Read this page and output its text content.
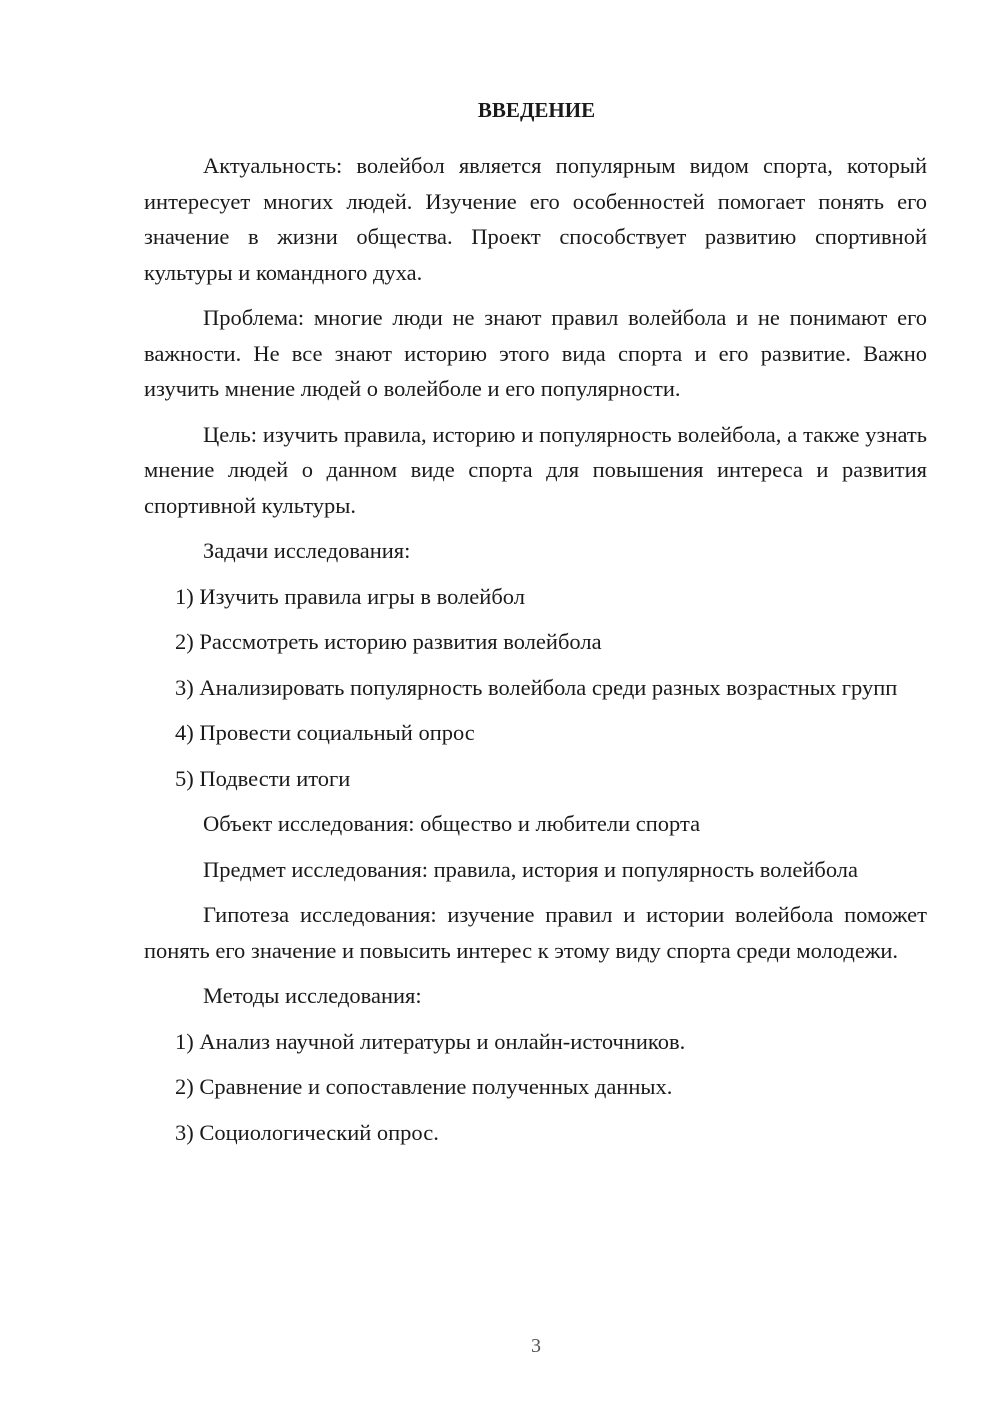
ВВЕДЕНИЕ

Актуальность: волейбол является популярным видом спорта, который интересует многих людей. Изучение его особенностей помогает понять его значение в жизни общества. Проект способствует развитию спортивной культуры и командного духа.

Проблема: многие люди не знают правил волейбола и не понимают его важности. Не все знают историю этого вида спорта и его развитие. Важно изучить мнение людей о волейболе и его популярности.

Цель: изучить правила, историю и популярность волейбола, а также узнать мнение людей о данном виде спорта для повышения интереса и развития спортивной культуры.

Задачи исследования:

1) Изучить правила игры в волейбол

2) Рассмотреть историю развития волейбола

3) Анализировать популярность волейбола среди разных возрастных групп

4) Провести социальный опрос

5) Подвести итоги

Объект исследования: общество и любители спорта

Предмет исследования: правила, история и популярность волейбола

Гипотеза исследования: изучение правил и истории волейбола поможет понять его значение и повысить интерес к этому виду спорта среди молодежи.

Методы исследования:

1) Анализ научной литературы и онлайн-источников.

2) Сравнение и сопоставление полученных данных.

3) Социологический опрос.

3
